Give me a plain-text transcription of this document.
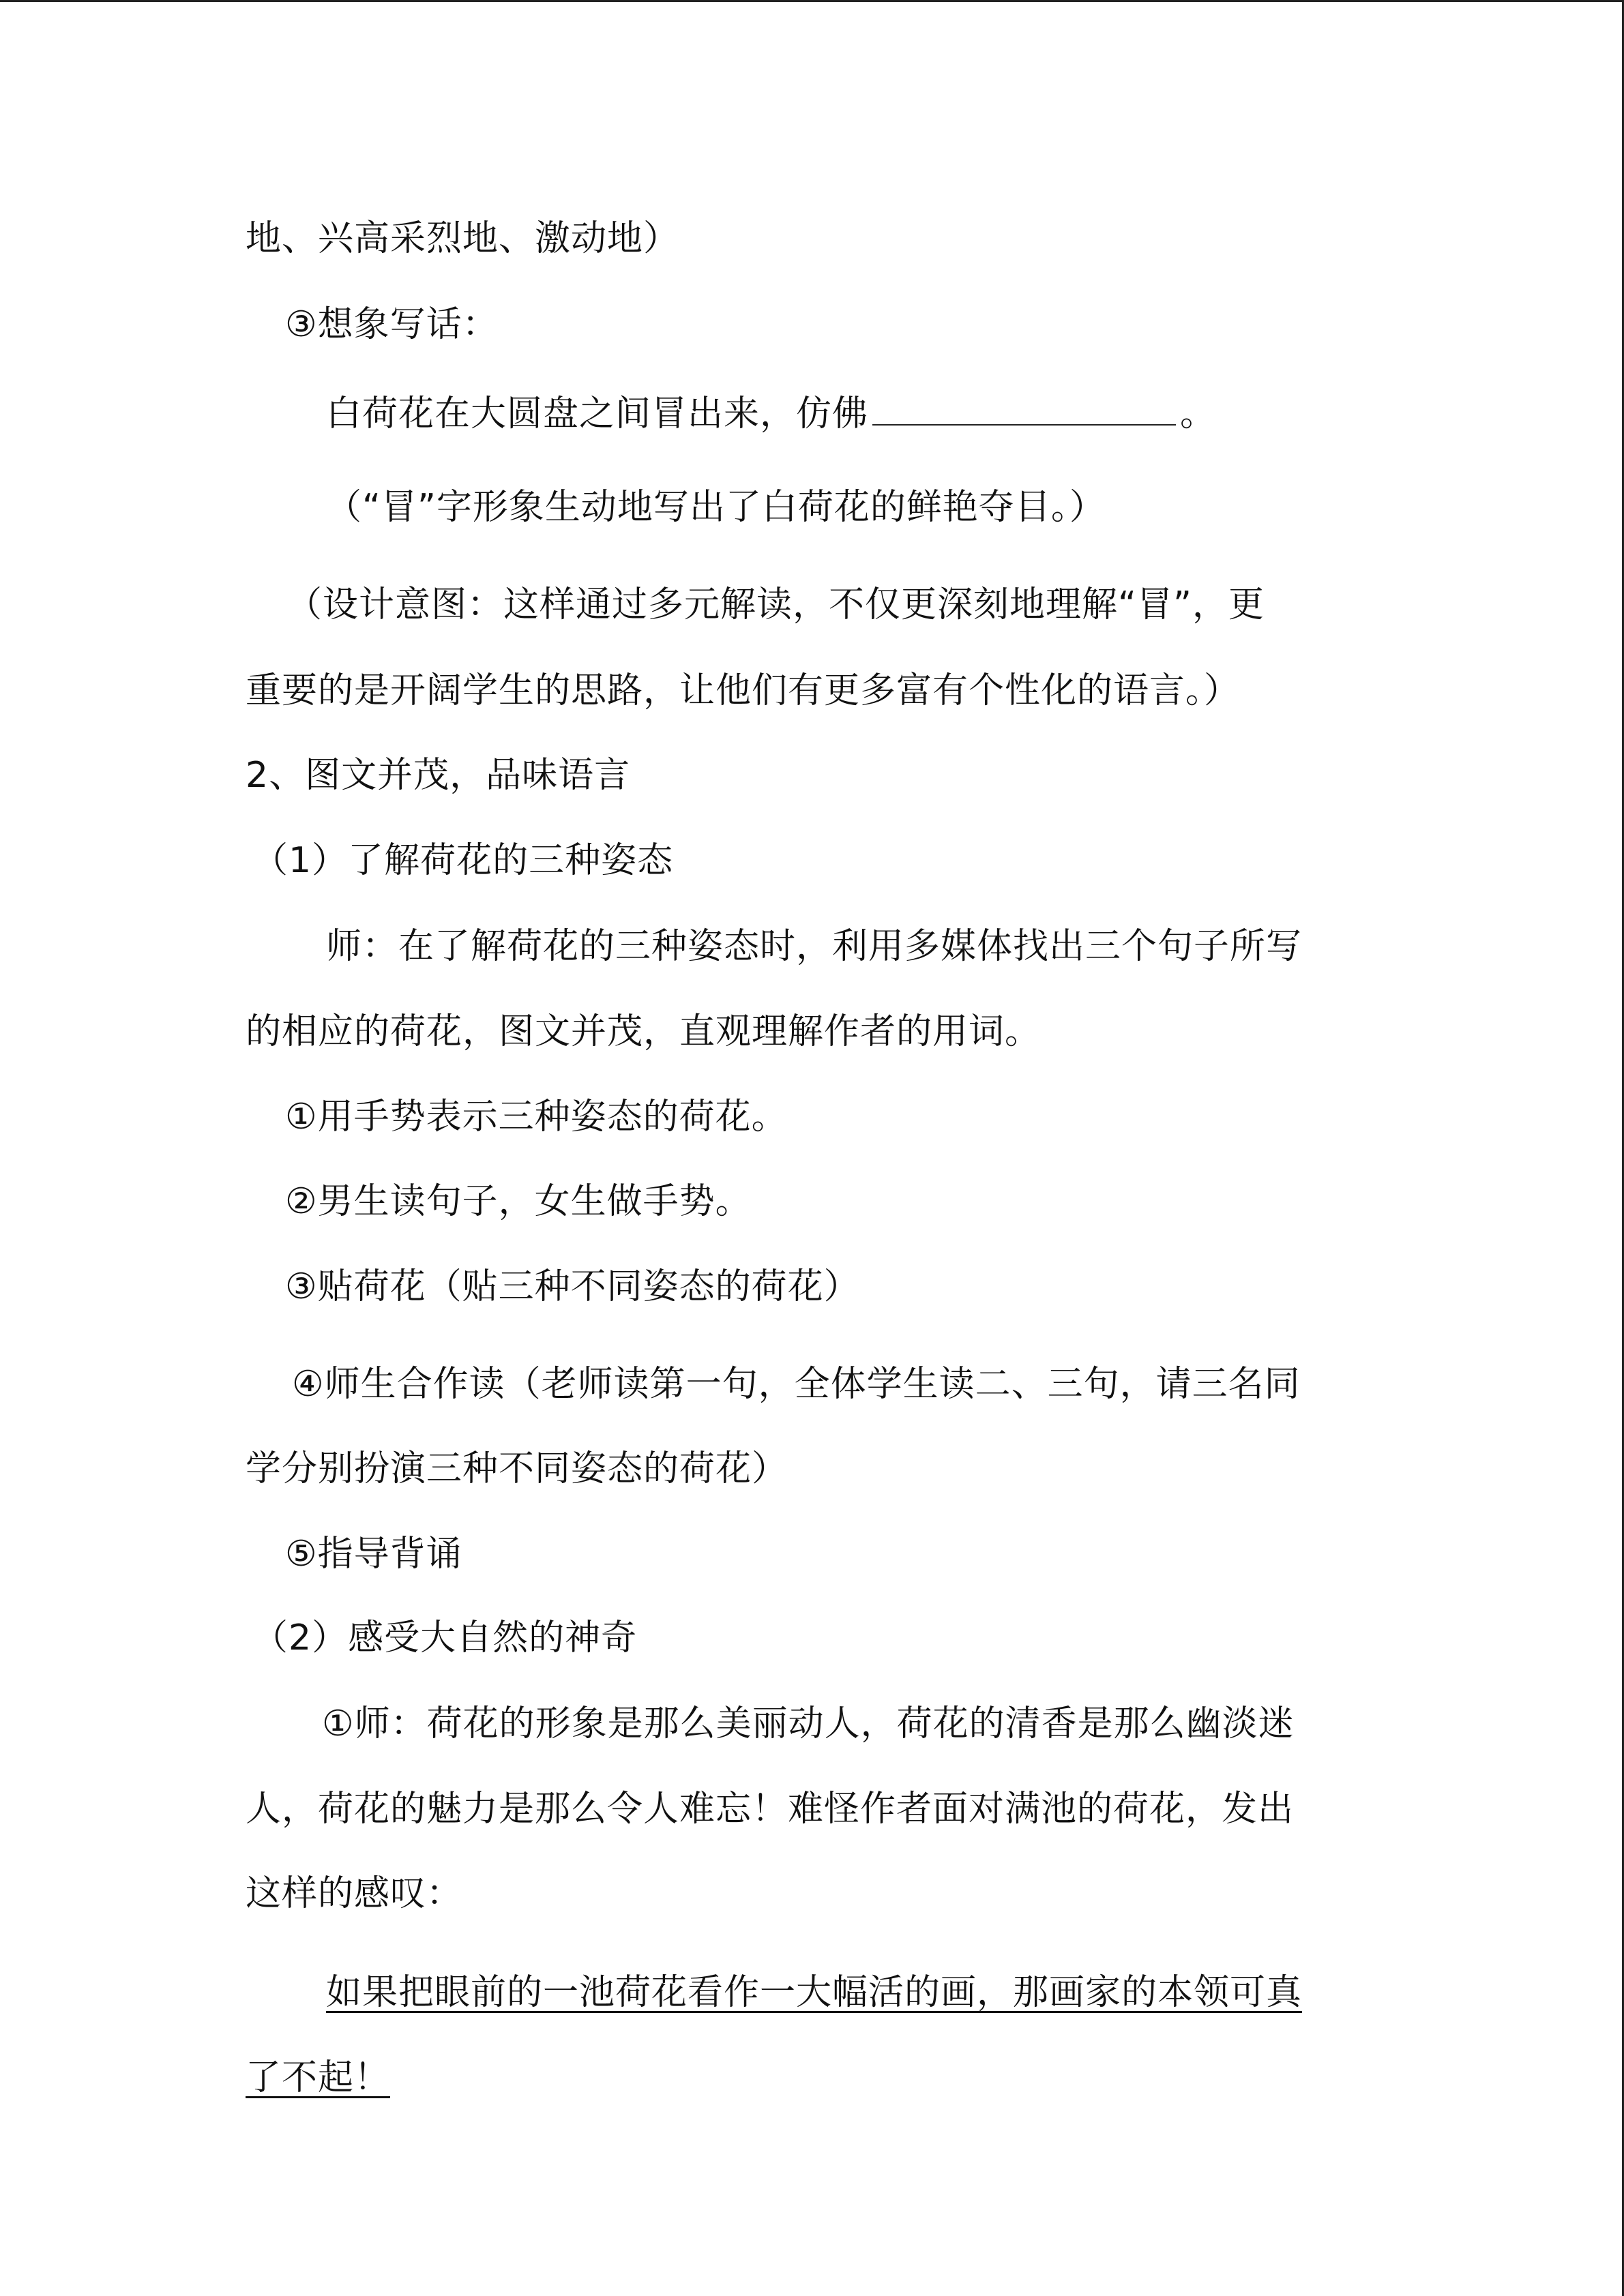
地、兴高采烈地、激动地）
③想象写话：
白荷花在大圆盘之间冒出来，仿佛	。
（“冒”字形象生动地写出了白荷花的鲜艳夺目。）
（设计意图：这样通过多元解读，不仅更深刻地理解“冒”，更
重要的是开阔学生的思路，让他们有更多富有个性化的语言。）
2、图文并茂，品味语言
（1）了解荷花的三种姿态
师：在了解荷花的三种姿态时，利用多媒体找出三个句子所写
的相应的荷花，图文并茂，直观理解作者的用词。
①用手势表示三种姿态的荷花。
②男生读句子，女生做手势。
③贴荷花（贴三种不同姿态的荷花）
④师生合作读（老师读第一句，全体学生读二、三句，请三名同
学分别扮演三种不同姿态的荷花）
⑤指导背诵
（2）感受大自然的神奇
①师：荷花的形象是那么美丽动人，荷花的清香是那么幽淡迷
人，荷花的魅力是那么令人难忘！难怪作者面对满池的荷花，发出
这样的感叹：
如果把眼前的一池荷花看作一大幅活的画，那画家的本领可真
了不起！
